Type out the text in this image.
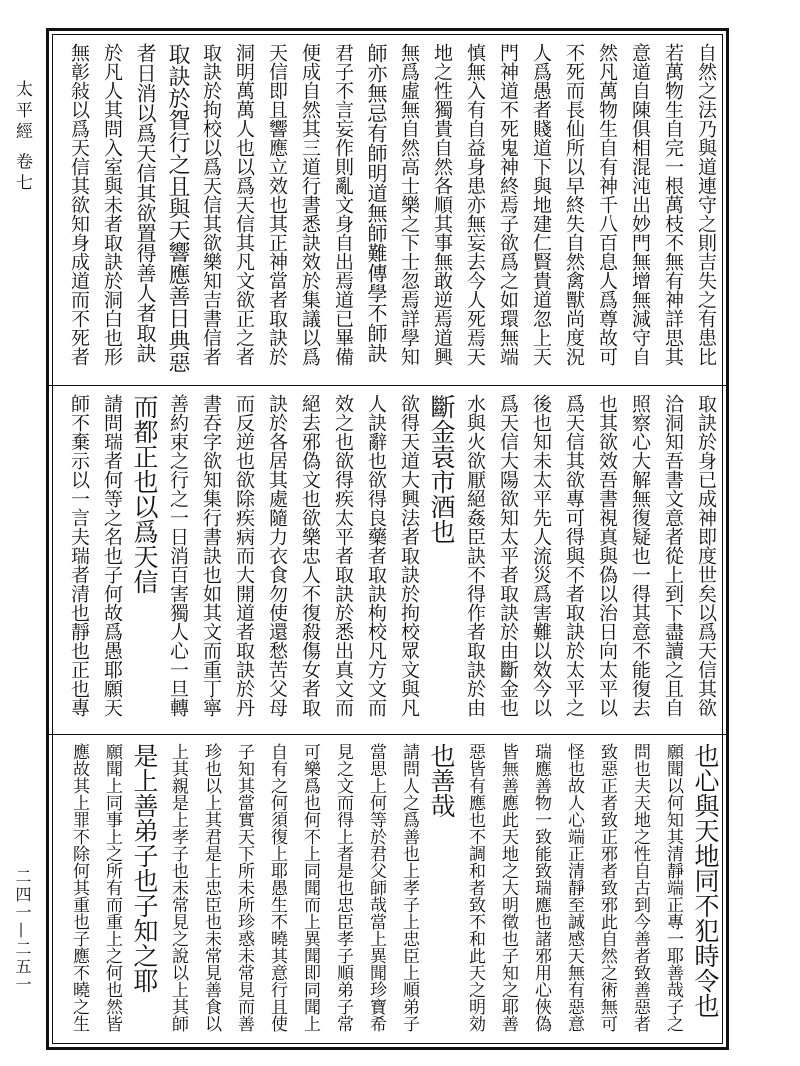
太平經 卷七
二四一—二五一
自然之法乃與道連守之則吉失之有患比
若萬物生自完一根萬枝不無有神詳思其
意道自陳俱相混沌出妙門無增無減守自
然凡萬物生自有神千八百息人爲尊故可
不死而長仙所以早終失自然禽獸尚度況
人爲愚者賤道下與地建仁賢貴道忽上天
門神道不死鬼神終焉子欲爲之如環無端
慎無入有自益身患亦無妄去今人死焉天
地之性獨貴自然各順其事無敢逆焉道興
無爲虛無自然高士樂之下士忽焉詳學知
師亦無忌有師明道無師難傳學不師訣
君子不言妄作則亂文身自出焉道已畢備
便成自然其三道行書悉訣效於集議以爲
天信即且響應立效也其正神當者取訣於
洞明萬萬人也以爲天信其凡文欲正之者
取訣於拘校以爲天信其欲樂知吉書信者
取訣於眢行之且與天響應善日典惡
者日消以爲天信其欲置得善人者取訣
於凡人其問入室與未者取訣於洞白也形
無彰敍以爲天信其欲知身成道而不死者
取訣於身已成神即度世矣以爲天信其欲
洽洞知吾書文意者從上到下盡讀之且自
照察心大解無復疑也一得其意不能復去
也其欲效吾書視真與偽以治日向太平以
爲天信其欲專可得與不者取訣於太平之
後也知未太平先人流災爲害難以效今以
爲天信大陽欲知太平者取訣於由斷金也
水與火欲厭絕姦臣訣不得作者取訣於由
斷金袁市酒也
欲得天道大興法者取訣於拘校眾文與凡
人訣辭也欲得良藥者取訣枸校凡方文而
效之也欲得疾太平者取訣於悉出真文而
絕去邪偽文也欲樂忠人不復殺傷女者取
訣於各居其處隨力衣食勿使還愁苦父母
而反逆也欲除疾病而大開道者取訣於丹
書吞字欲知集行書訣也如其文而重丁寧
善約束之行之一日消百害獨人心一旦轉
而都正也以爲天信
請問瑞者何等之名也子何故爲愚耶願天
師不棄示以一言夫瑞者清也靜也正也專
也心與天地同不犯時令也
願聞以何知其清靜端正專一耶善哉子之
問也夫天地之性自古到今善者致善惡者
致惡正者致正邪者致邪此自然之術無可
怪也故人心端正清靜至誠感天無有惡意
瑞應善物一致能致瑞應也諸邪用心俠偽
皆無善應此天地之大明徵也子知之耶善
惡皆有應也不調和者致不和此天之明効
也善哉
請問人之爲善也上孝子上忠臣上順弟子
當思上何等於君父師哉當上異聞珍寶希
見之文而得上者是也忠臣孝子順弟子常
可樂爲也何不上同聞而上異聞即同聞上
自有之何須復上耶愚生不曉其意行且使
子知其當實天下所未所珍惑未常見而善
珍也以上其君是上忠臣也未常見善食以
上其親是上孝子也未常見之說以上其師
是上善弟子也子知之耶
願聞上同事上之所有而重上之何也然皆
應故其上罪不除何其重也子應不曉之生
